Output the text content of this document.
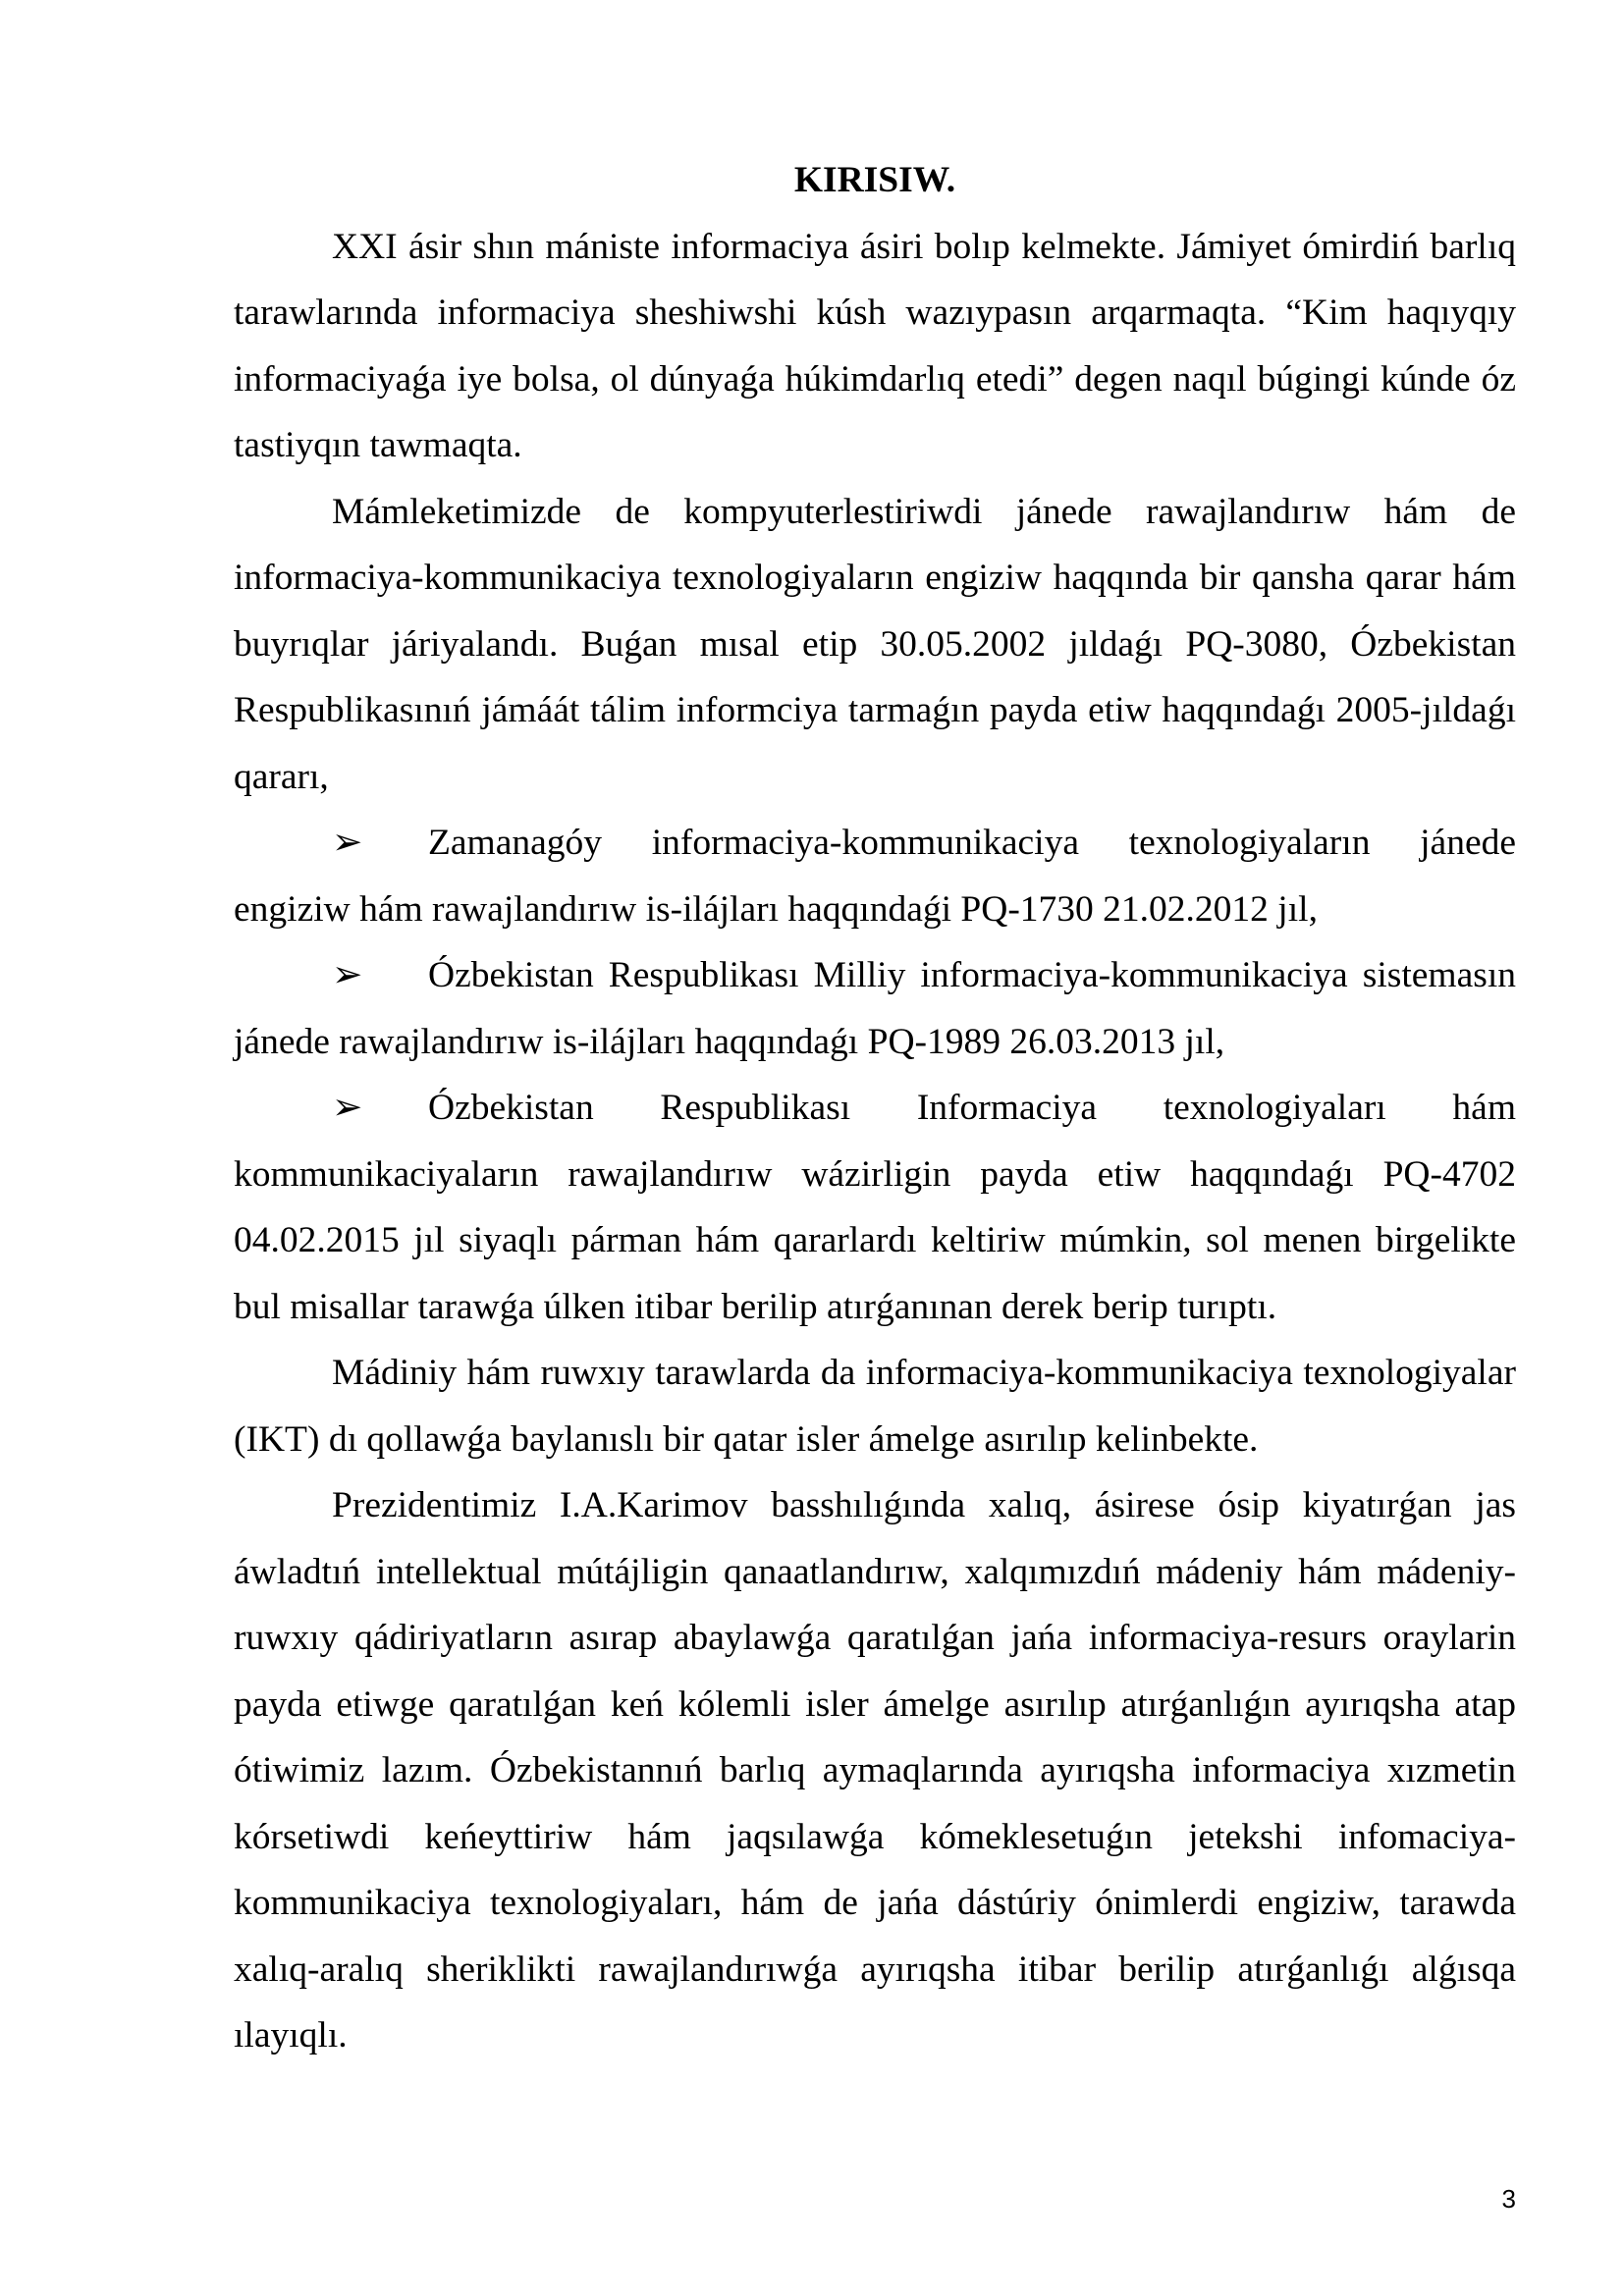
KIRISIW.

XXI ásir shın mániste informaciya ásiri bolıp kelmekte. Jámiyet ómirdiń barlıq tarawlarında informaciya sheshiwshi kúsh wazıypasın arqarmaqta. “Kim haqıyqıy informaciyaǵa iye bolsa, ol dúnyaǵa húkimdarlıq etedi” degen naqıl búgingi kúnde óz tastiyqın tawmaqta.

Mámleketimizde de kompyuterlestiriwdi jánede rawajlandırıw hám de informaciya-kommunikaciya texnologiyaların engiziw haqqında bir qansha qarar hám buyrıqlar járiyalandı. Buǵan mısal etip 30.05.2002 jıldaǵı PQ-3080, Ózbekistan Respublikasınıń jámáát tálim informciya tarmaǵın payda etiw haqqındaǵı 2005-jıldaǵı qararı,

➢ Zamanagóy informaciya-kommunikaciya texnologiyaların jánede engiziw hám rawajlandırıw is-ilájları haqqındaǵi PQ-1730 21.02.2012 jıl,

➢ Ózbekistan Respublikası Milliy informaciya-kommunikaciya sistemasın jánede rawajlandırıw is-ilájları haqqındaǵı PQ-1989 26.03.2013 jıl,

➢ Ózbekistan Respublikası Informaciya texnologiyaları hám kommunikaciyaların rawajlandırıw wázirligin payda etiw haqqındaǵı PQ-4702 04.02.2015 jıl siyaqlı párman hám qararlardı keltiriw múmkin, sol menen birgelikte bul misallar tarawǵa úlken itibar berilip atırǵanınan derek berip turıptı.

Mádiniy hám ruwxıy tarawlarda da informaciya-kommunikaciya texnologiyalar (IKT) dı qollawǵa baylanıslı bir qatar isler ámelge asırılıp kelinbekte.

Prezidentimiz I.A.Karimov basshılıǵında xalıq, ásirese ósip kiyatırǵan jas áwladtıń intellektual mútájligin qanaatlandırıw, xalqımızdıń mádeniy hám mádeniy-ruwxıy qádiriyatların asırap abaylawǵa qaratılǵan jańa informaciya-resurs oraylarin payda etiwge qaratılǵan keń kólemli isler ámelge asırılıp atırǵanlıǵın ayırıqsha atap ótiwimiz lazım. Ózbekistannıń barlıq aymaqlarında ayırıqsha informaciya xızmetin kórsetiwdi keńeyttiriw hám jaqsılawǵa kómeklesetuǵın jetekshi infomaciya-kommunikaciya texnologiyaları, hám de jańa dástúriy ónimlerdi engiziw, tarawda xalıq-aralıq sheriklikti rawajlandırıwǵa ayırıqsha itibar berilip atırǵanlıǵı alǵısqa ılayıqlı.

3
